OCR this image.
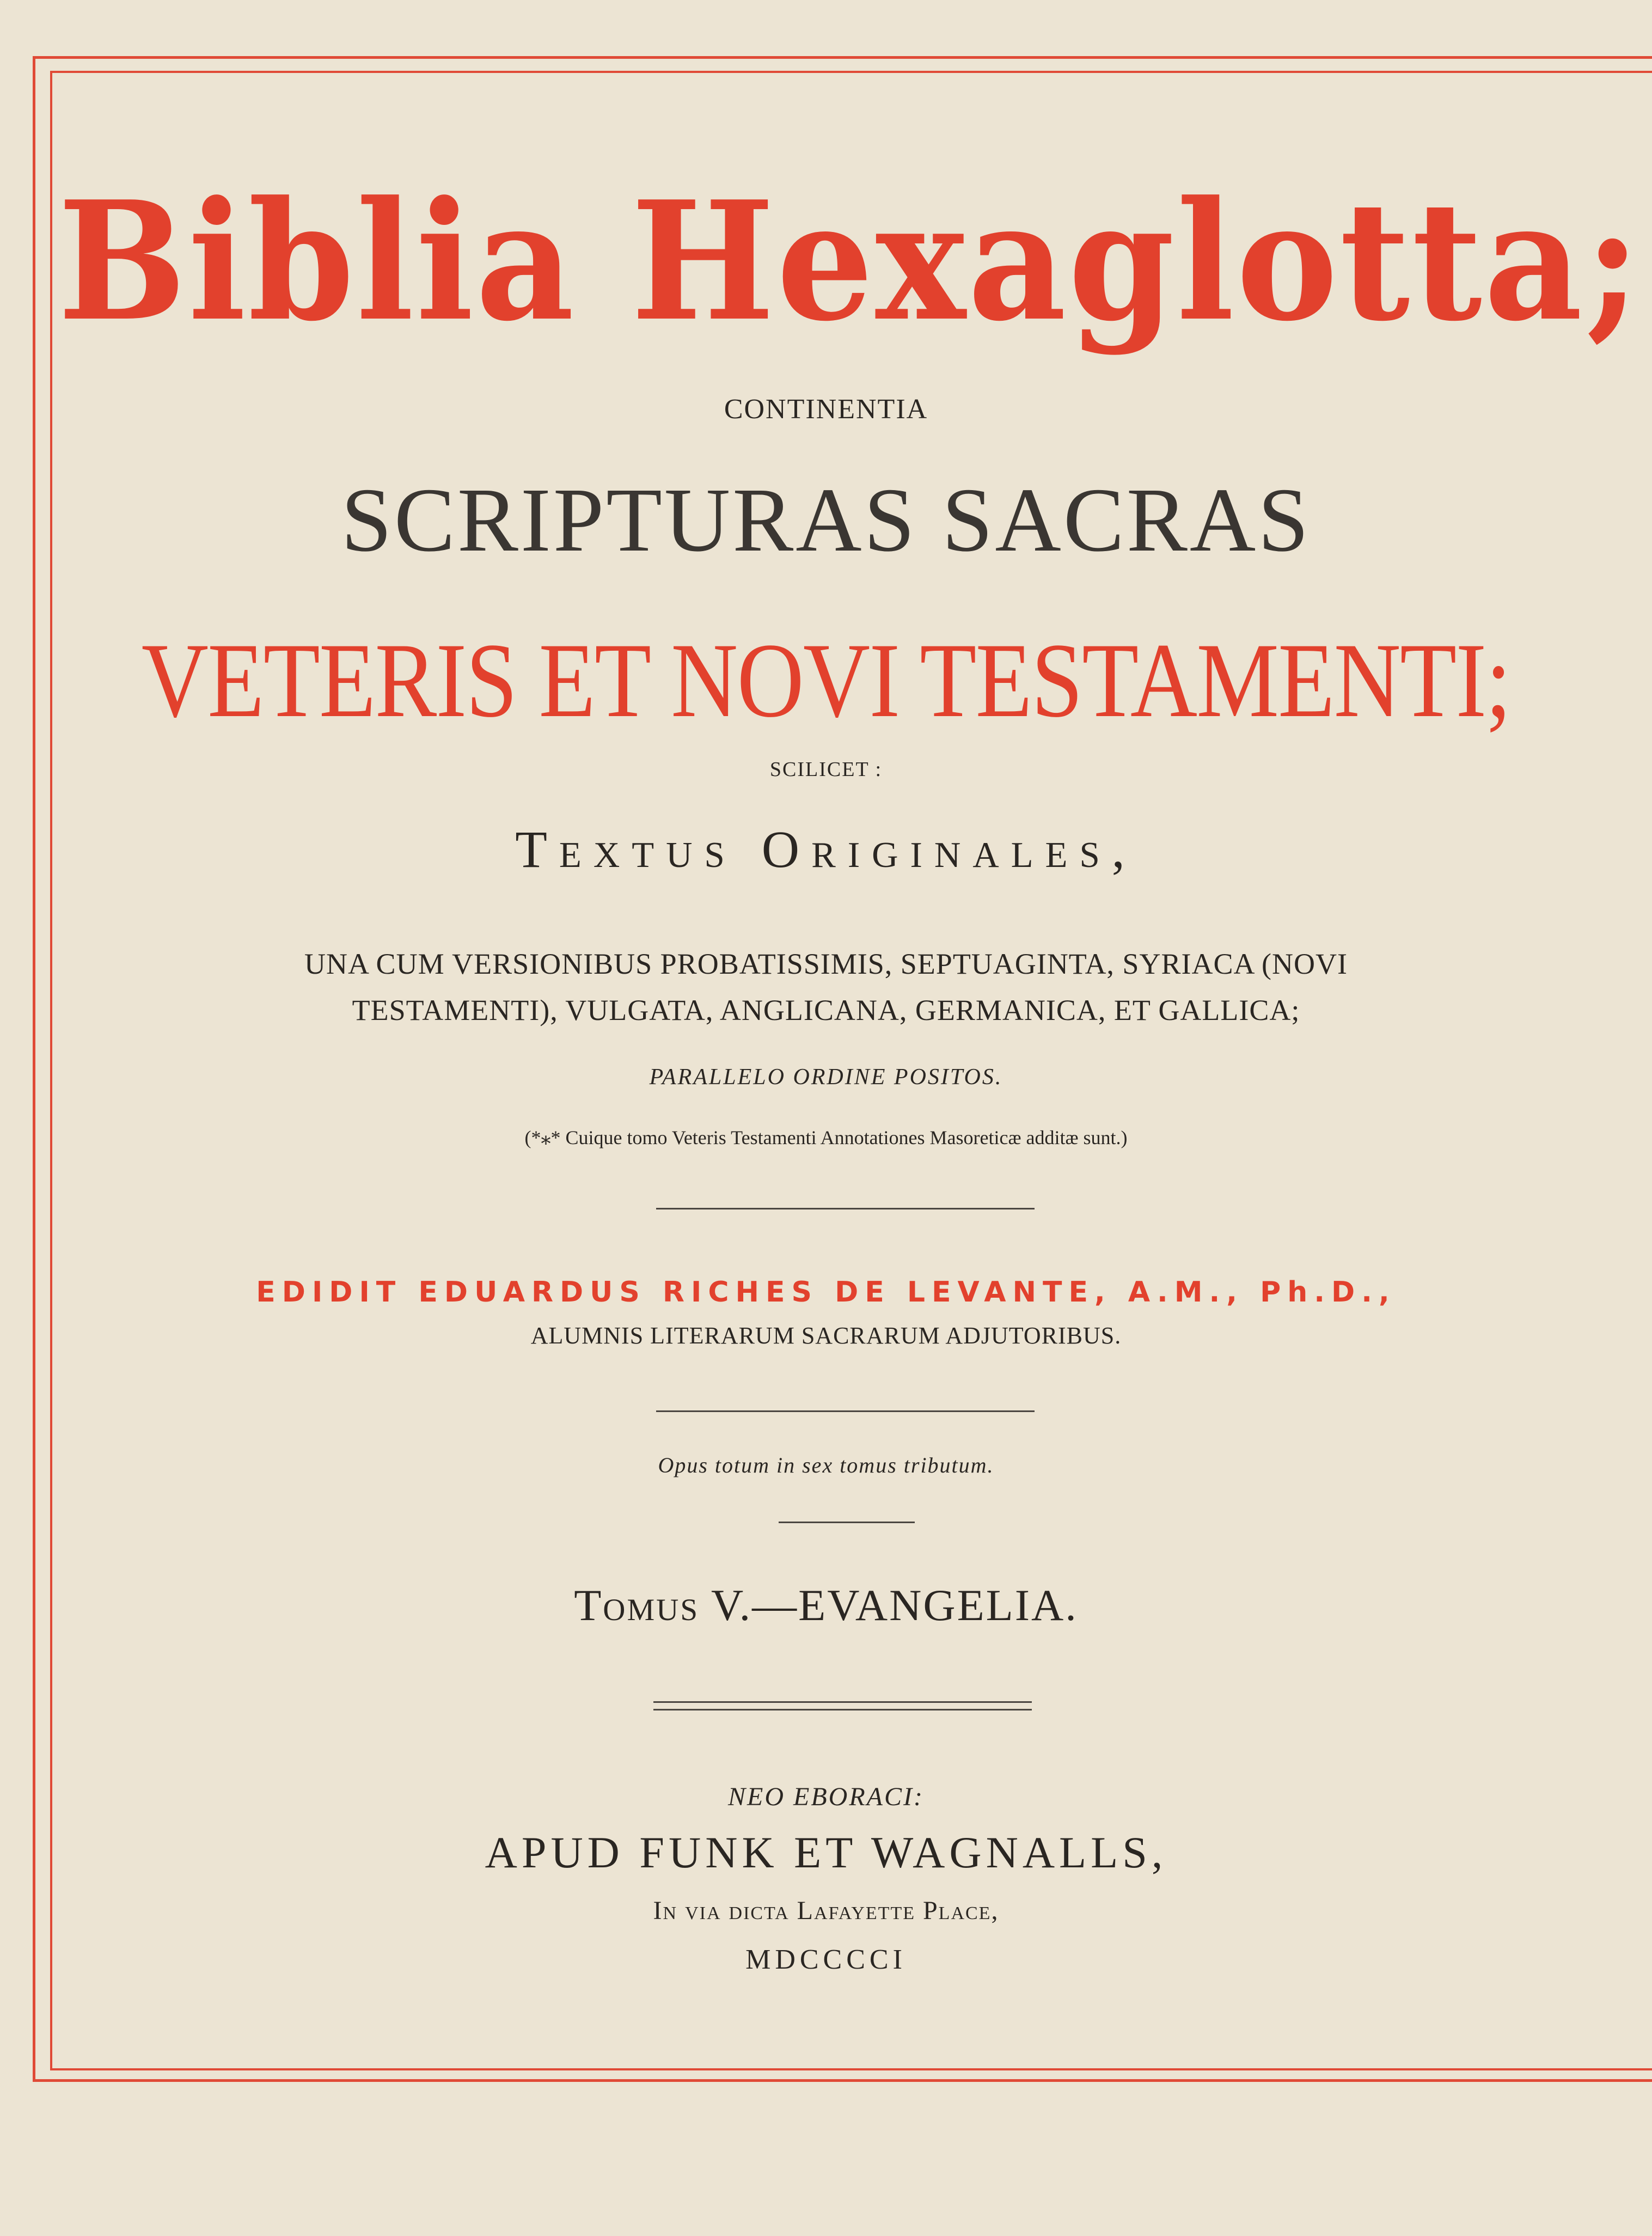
Biblia Hexaglotta;
CONTINENTIA
SCRIPTURAS SACRAS
VETERIS ET NOVI TESTAMENTI;
SCILICET :
Textus Originales,
UNA CUM VERSIONIBUS PROBATISSIMIS, SEPTUAGINTA, SYRIACA (NOVI
TESTAMENTI), VULGATA, ANGLICANA, GERMANICA, ET GALLICA;
PARALLELO ORDINE POSITOS.
(*⁎* Cuique tomo Veteris Testamenti Annotationes Masoreticæ additæ sunt.)
EDIDIT EDUARDUS RICHES DE LEVANTE, A.M., Ph.D.,
ALUMNIS LITERARUM SACRARUM ADJUTORIBUS.
Opus totum in sex tomus tributum.
Tomus V.—EVANGELIA.
NEO EBORACI:
APUD FUNK ET WAGNALLS,
In via dicta Lafayette Place,
MDCCCCI
